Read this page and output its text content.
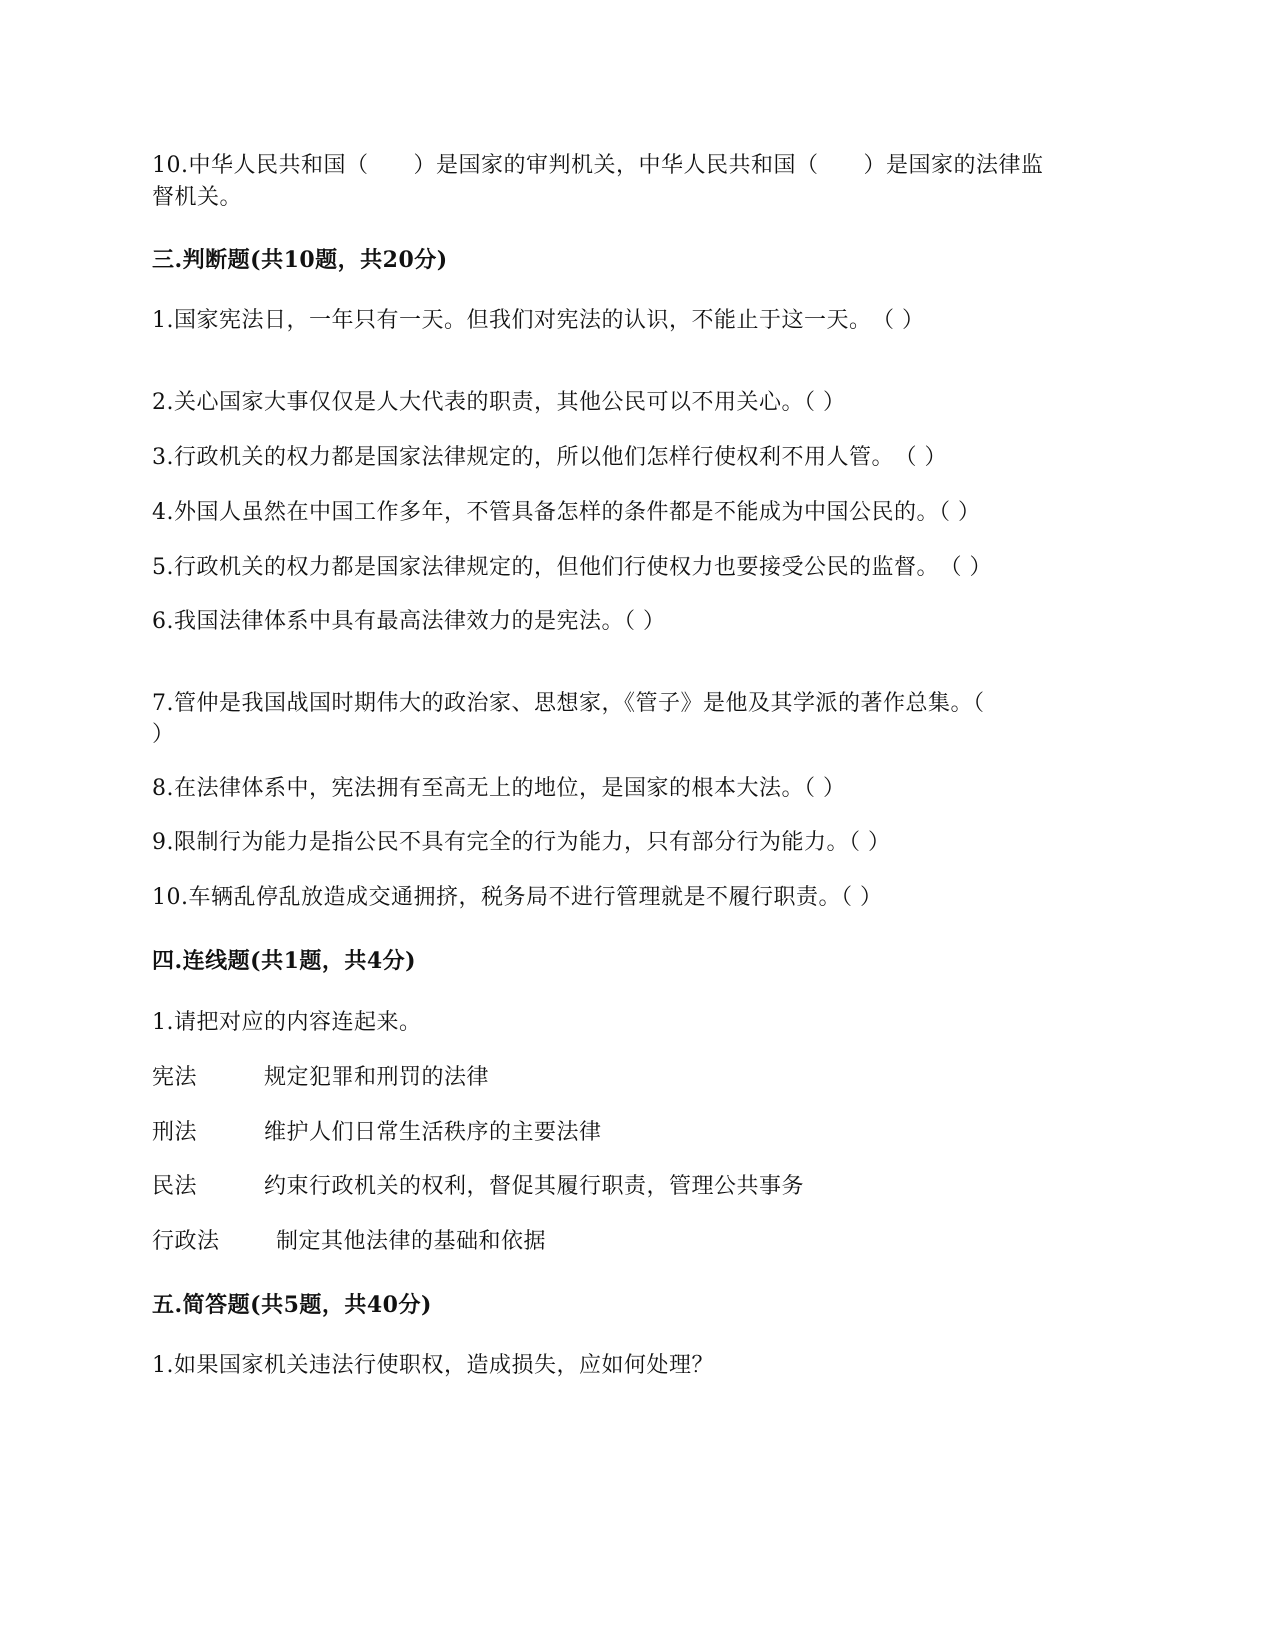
10.中华人民共和国（　　）是国家的审判机关，中华人民共和国（　　）是国家的法律监
督机关。
三.判断题(共10题，共20分)
1.国家宪法日，一年只有一天。但我们对宪法的认识，不能止于这一天。　（ ）
2.关心国家大事仅仅是人大代表的职责，其他公民可以不用关心。（ ）
3.行政机关的权力都是国家法律规定的，所以他们怎样行使权利不用人管。　（ ）
4.外国人虽然在中国工作多年，不管具备怎样的条件都是不能成为中国公民的。（ ）
5.行政机关的权力都是国家法律规定的，但他们行使权力也要接受公民的监督。　（ ）
6.我国法律体系中具有最高法律效力的是宪法。（ ）
7.管仲是我国战国时期伟大的政治家、思想家，《管子》是他及其学派的著作总集。（
）
8.在法律体系中，宪法拥有至高无上的地位，是国家的根本大法。（ ）
9.限制行为能力是指公民不具有完全的行为能力，只有部分行为能力。（ ）
10.车辆乱停乱放造成交通拥挤，税务局不进行管理就是不履行职责。（ ）
四.连线题(共1题，共4分)
1.请把对应的内容连起来。
宪法	规定犯罪和刑罚的法律
刑法	维护人们日常生活秩序的主要法律
民法	约束行政机关的权利，督促其履行职责，管理公共事务
行政法	制定其他法律的基础和依据
五.简答题(共5题，共40分)
1.如果国家机关违法行使职权，造成损失，应如何处理？
